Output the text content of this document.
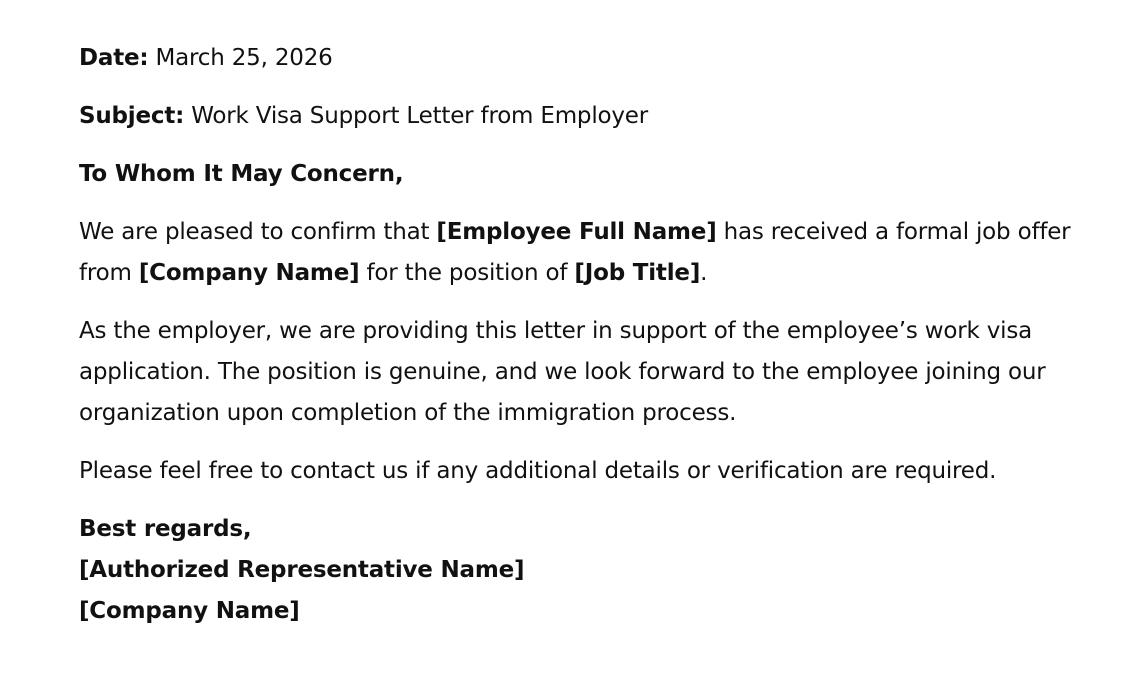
Date: March 25, 2026

Subject: Work Visa Support Letter from Employer

To Whom It May Concern,

We are pleased to confirm that [Employee Full Name] has received a formal job offer from [Company Name] for the position of [Job Title].

As the employer, we are providing this letter in support of the employee’s work visa application. The position is genuine, and we look forward to the employee joining our organization upon completion of the immigration process.

Please feel free to contact us if any additional details or verification are required.

Best regards,
[Authorized Representative Name]
[Company Name]
